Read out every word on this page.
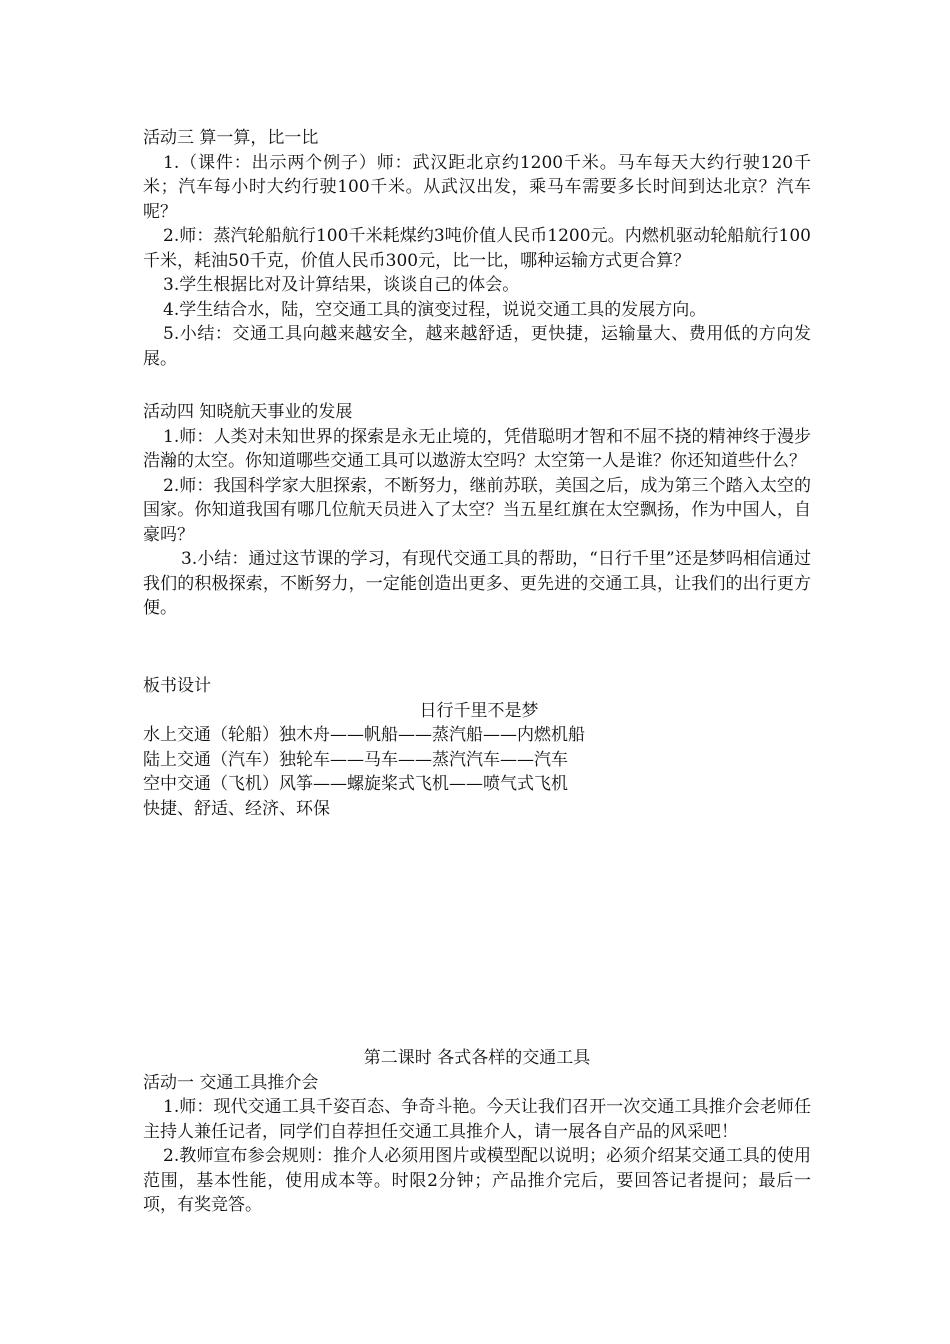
活动三 算一算，比一比

1.（课件：出示两个例子）师：武汉距北京约1200千米。马车每天大约行驶120千米；汽车每小时大约行驶100千米。从武汉出发，乘马车需要多长时间到达北京？汽车呢？

2.师：蒸汽轮船航行100千米耗煤约3吨价值人民币1200元。内燃机驱动轮船航行100千米，耗油50千克，价值人民币300元，比一比，哪种运输方式更合算？

3.学生根据比对及计算结果，谈谈自己的体会。

4.学生结合水，陆，空交通工具的演变过程，说说交通工具的发展方向。

5.小结：交通工具向越来越安全，越来越舒适，更快捷，运输量大、费用低的方向发展。

活动四 知晓航天事业的发展

1.师：人类对未知世界的探索是永无止境的，凭借聪明才智和不屈不挠的精神终于漫步浩瀚的太空。你知道哪些交通工具可以遨游太空吗？太空第一人是谁？你还知道些什么？

2.师：我国科学家大胆探索，不断努力，继前苏联，美国之后，成为第三个踏入太空的国家。你知道我国有哪几位航天员进入了太空？当五星红旗在太空飘扬，作为中国人，自豪吗？

3.小结：通过这节课的学习，有现代交通工具的帮助，“日行千里”还是梦吗相信通过我们的积极探索，不断努力，一定能创造出更多、更先进的交通工具，让我们的出行更方便。

板书设计

日行千里不是梦

水上交通（轮船）独木舟——帆船——蒸汽船——内燃机船

陆上交通（汽车）独轮车——马车——蒸汽汽车——汽车

空中交通（飞机）风筝——螺旋桨式飞机——喷气式飞机

快捷、舒适、经济、环保

第二课时 各式各样的交通工具

活动一 交通工具推介会

1.师：现代交通工具千姿百态、争奇斗艳。今天让我们召开一次交通工具推介会老师任主持人兼任记者，同学们自荐担任交通工具推介人，请一展各自产品的风采吧！

2.教师宣布参会规则：推介人必须用图片或模型配以说明；必须介绍某交通工具的使用范围，基本性能，使用成本等。时限2分钟；产品推介完后，要回答记者提问；最后一项，有奖竞答。
